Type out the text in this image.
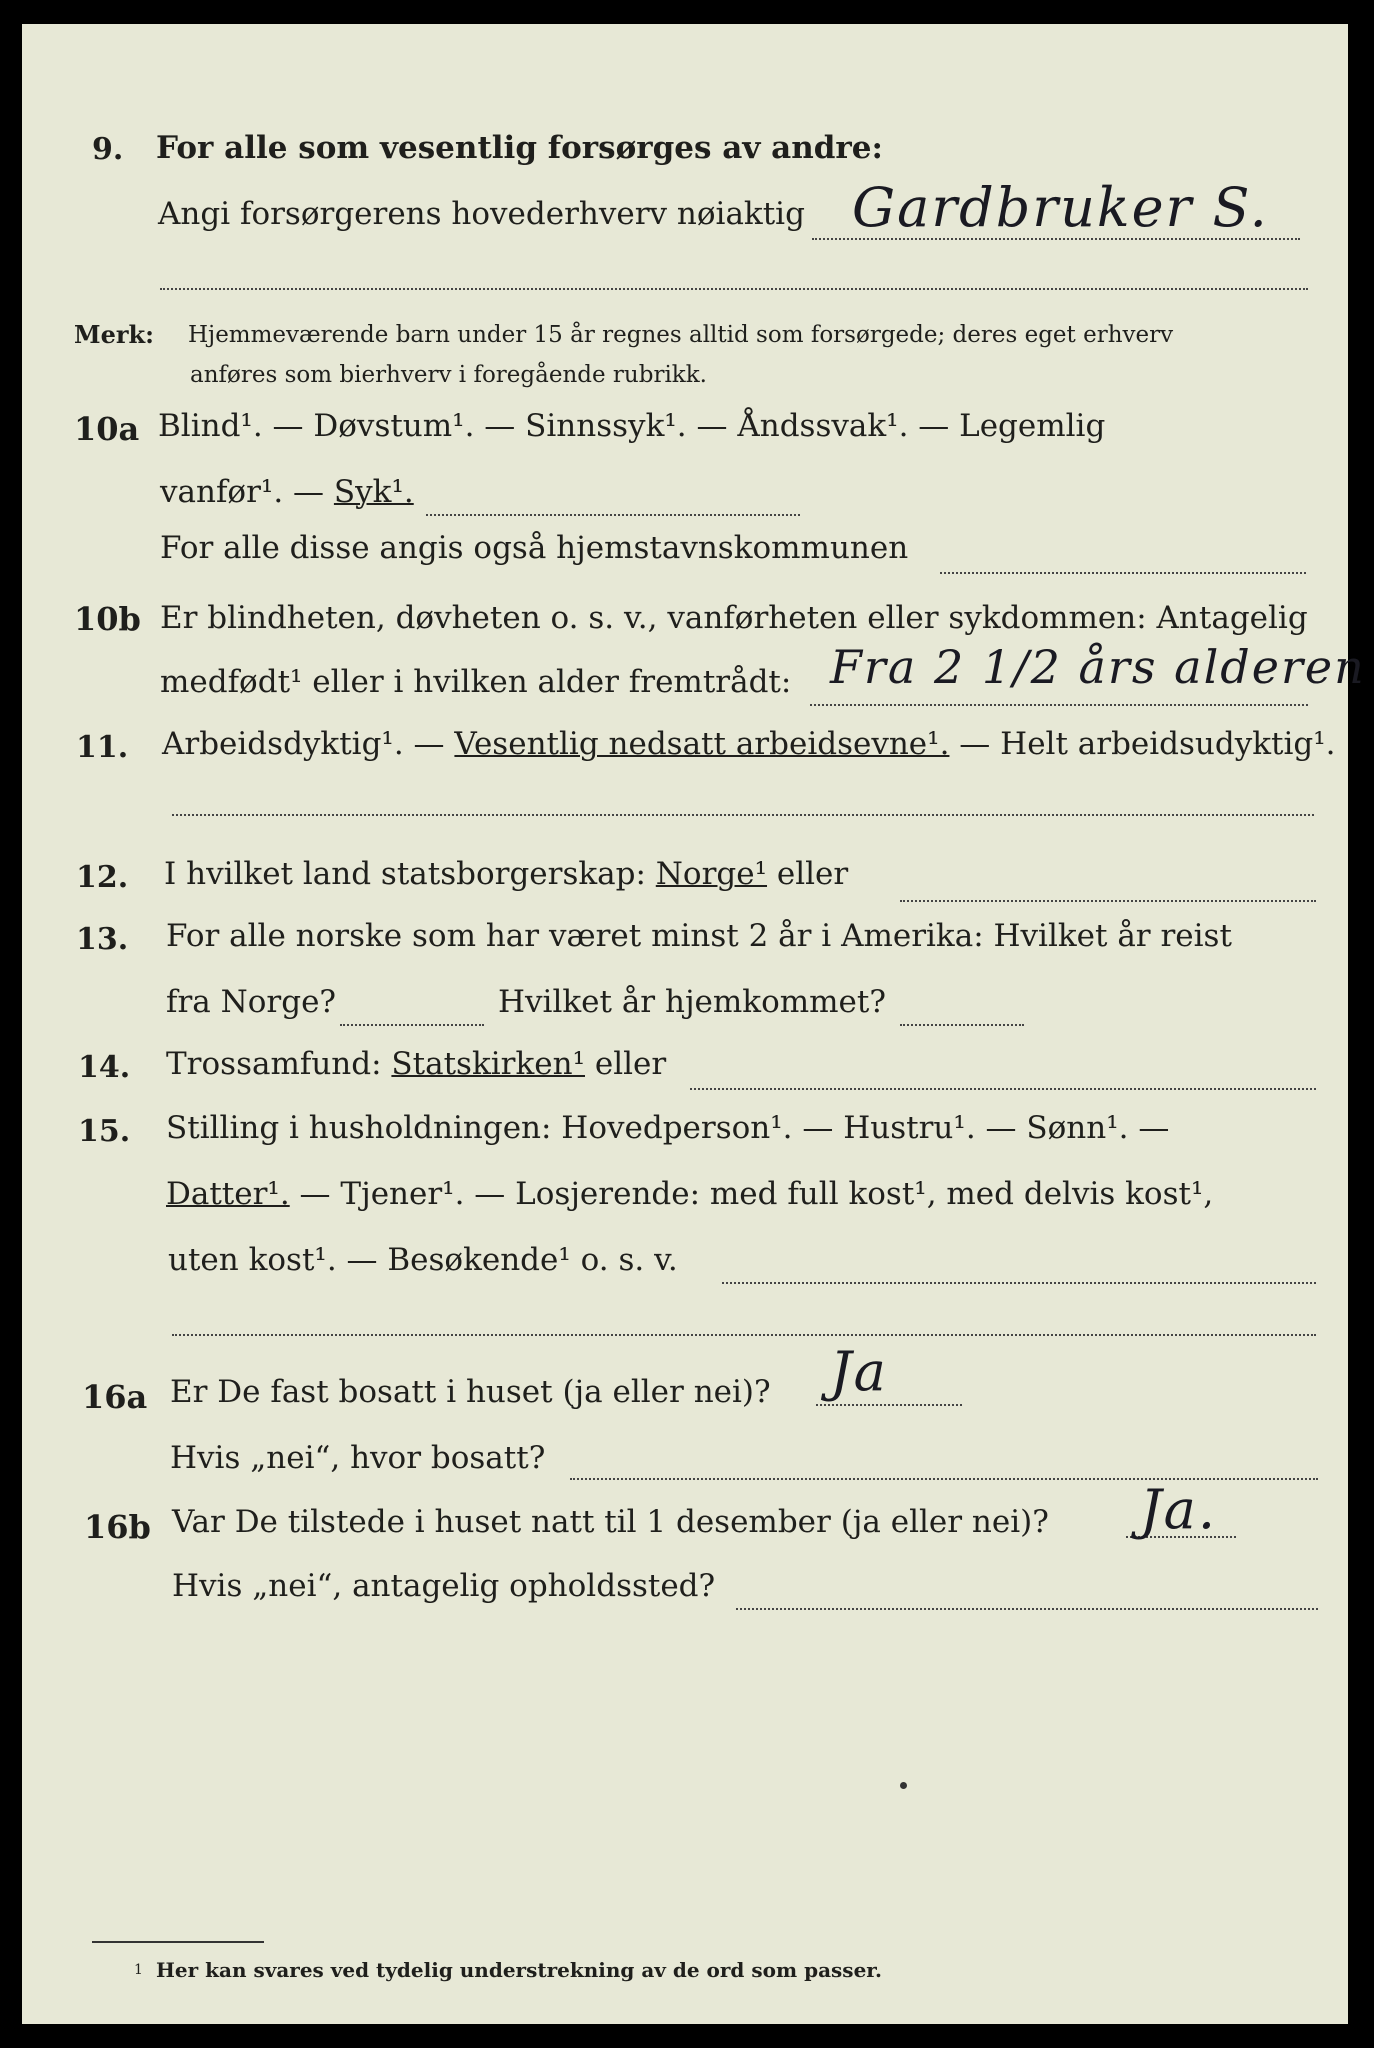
9. For alle som vesentlig forsørges av andre:
Angi forsørgerens hovederhverv nøiaktig Gardbruker S.
Merk: Hjemmeværende barn under 15 år regnes alltid som forsørgede; deres eget erhverv
anføres som bierhverv i foregående rubrikk.
10a Blind¹. — Døvstum¹. — Sinnssyk¹. — Åndssvak¹. — Legemlig
vanfør¹. — Syk¹.
For alle disse angis også hjemstavnskommunen
10b Er blindheten, døvheten o. s. v., vanførheten eller sykdommen: Antagelig
medfødt¹ eller i hvilken alder fremtrådt: Fra 2 1/2 års alderen
11. Arbeidsdyktig¹. — Vesentlig nedsatt arbeidsevne¹. — Helt arbeidsudyktig¹.
12. I hvilket land statsborgerskap: Norge¹ eller
13. For alle norske som har været minst 2 år i Amerika: Hvilket år reist
fra Norge?	Hvilket år hjemkommet?
14. Trossamfund: Statskirken¹ eller
15. Stilling i husholdningen: Hovedperson¹. — Hustru¹. — Sønn¹. —
Datter¹. — Tjener¹. — Losjerende: med full kost¹, med delvis kost¹,
uten kost¹. — Besøkende¹ o. s. v.
16a Er De fast bosatt i huset (ja eller nei)? Ja
Hvis „nei“, hvor bosatt?
16b Var De tilstede i huset natt til 1 desember (ja eller nei)? Ja.
Hvis „nei“, antagelig opholdssted?
1 Her kan svares ved tydelig understrekning av de ord som passer.
